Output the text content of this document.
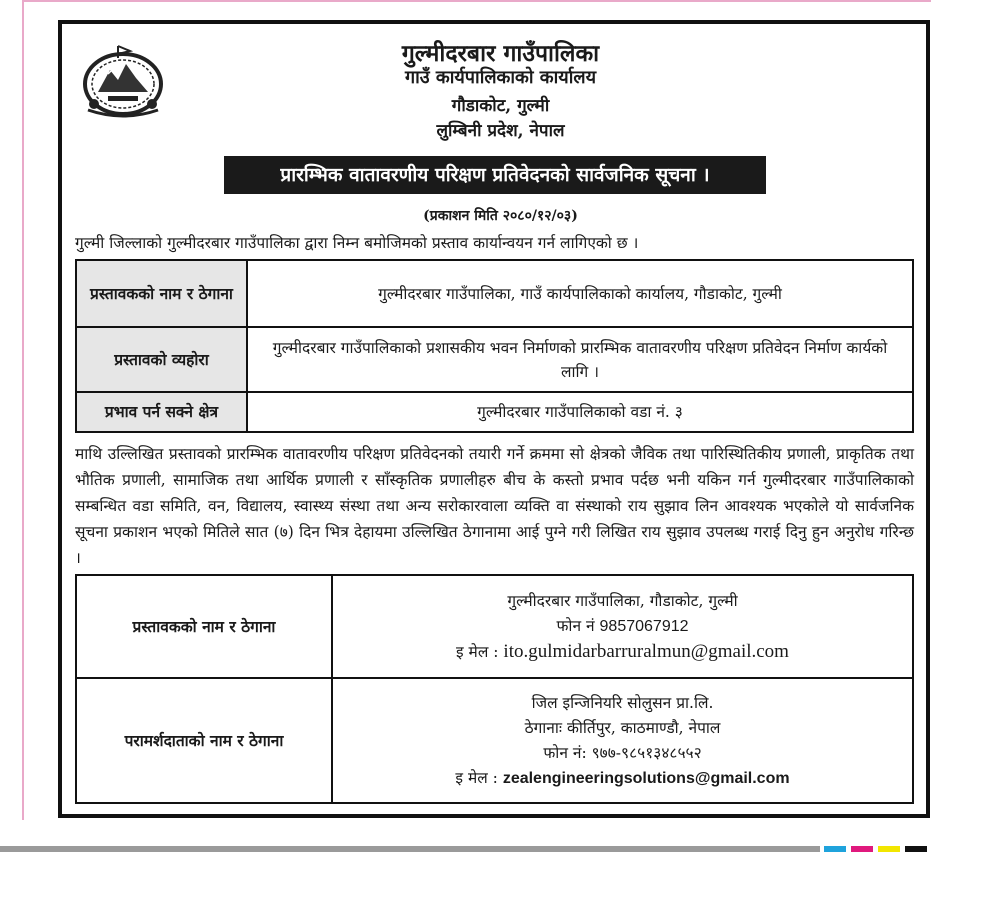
गुल्मीदरबार गाउँपालिका
गाउँ कार्यपालिकाको कार्यालय
गौडाकोट, गुल्मी
लुम्बिनी प्रदेश, नेपाल
प्रारम्भिक वातावरणीय परिक्षण प्रतिवेदनको सार्वजनिक सूचना ।
(प्रकाशन मिति २०८०/१२/०३)
गुल्मी जिल्लाको गुल्मीदरबार गाउँपालिका द्वारा निम्न बमोजिमको प्रस्ताव कार्यान्वयन गर्न लागिएको छ ।
प्रस्तावकको नाम र ठेगाना	गुल्मीदरबार गाउँपालिका, गाउँ कार्यपालिकाको कार्यालय, गौडाकोट, गुल्मी
प्रस्तावको व्यहोरा	गुल्मीदरबार गाउँपालिकाको प्रशासकीय भवन निर्माणको प्रारम्भिक वातावरणीय परिक्षण प्रतिवेदन निर्माण कार्यको लागि ।
प्रभाव पर्न सक्ने क्षेत्र	गुल्मीदरबार गाउँपालिकाको वडा नं. ३
माथि उल्लिखित प्रस्तावको प्रारम्भिक वातावरणीय परिक्षण प्रतिवेदनको तयारी गर्ने क्रममा सो क्षेत्रको जैविक तथा पारिस्थितिकीय प्रणाली, प्राकृतिक तथा भौतिक प्रणाली, सामाजिक तथा आर्थिक प्रणाली र साँस्कृतिक प्रणालीहरु बीच के कस्तो प्रभाव पर्दछ भनी यकिन गर्न गुल्मीदरबार गाउँपालिकाको सम्बन्धित वडा समिति, वन, विद्यालय, स्वास्थ्य संस्था तथा अन्य सरोकारवाला व्यक्ति वा संस्थाको राय सुझाव लिन आवश्यक भएकोले यो सार्वजनिक सूचना प्रकाशन भएको मितिले सात (७) दिन भित्र देहायमा उल्लिखित ठेगानामा आई पुग्ने गरी लिखित राय सुझाव उपलब्ध गराई दिनु हुन अनुरोध गरिन्छ ।
प्रस्तावकको नाम र ठेगाना	गुल्मीदरबार गाउँपालिका, गौडाकोट, गुल्मी
फोन नं 9857067912
इ मेल : ito.gulmidarbarruralmun@gmail.com

परामर्शदाताको नाम र ठेगाना	जिल इन्जिनियरि सोलुसन प्रा.लि.
ठेगानाः कीर्तिपुर, काठमाण्डौ, नेपाल
फोन नं: ९७७-९८५१३४८५५२
इ मेल : zealengineeringsolutions@gmail.com
